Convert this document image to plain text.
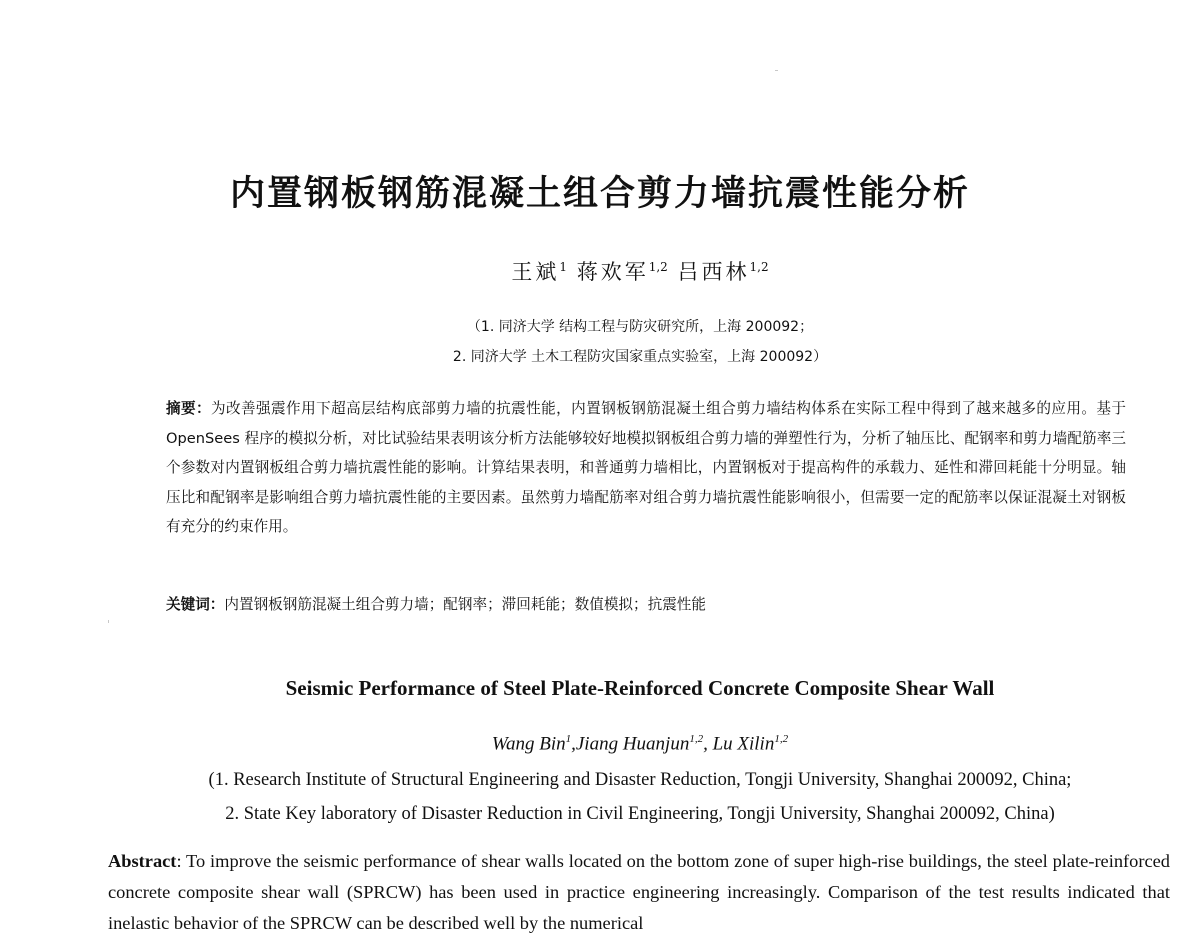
内置钢板钢筋混凝土组合剪力墙抗震性能分析
王斌$^1$ 蒋欢军$^{1,2}$ 吕西林$^{1,2}$
（1. 同济大学 结构工程与防灾研究所，上海 200092；
2. 同济大学 土木工程防灾国家重点实验室，上海 200092）
摘要：为改善强震作用下超高层结构底部剪力墙的抗震性能，内置钢板钢筋混凝土组合剪力墙结构体系在实际工程中得到了越来越多的应用。基于 OpenSees 程序的模拟分析，对比试验结果表明该分析方法能够较好地模拟钢板组合剪力墙的弹塑性行为，分析了轴压比、配钢率和剪力墙配筋率三个参数对内置钢板组合剪力墙抗震性能的影响。计算结果表明，和普通剪力墙相比，内置钢板对于提高构件的承载力、延性和滞回耗能十分明显。轴压比和配钢率是影响组合剪力墙抗震性能的主要因素。虽然剪力墙配筋率对组合剪力墙抗震性能影响很小，但需要一定的配筋率以保证混凝土对钢板有充分的约束作用。
关键词：内置钢板钢筋混凝土组合剪力墙；配钢率；滞回耗能；数值模拟；抗震性能
Seismic Performance of Steel Plate-Reinforced Concrete Composite Shear Wall
Wang Bin$^1$,Jiang Huanjun$^{1,2}$, Lu Xilin$^{1,2}$
(1. Research Institute of Structural Engineering and Disaster Reduction, Tongji University, Shanghai 200092, China;
2. State Key laboratory of Disaster Reduction in Civil Engineering, Tongji University, Shanghai 200092, China)
Abstract: To improve the seismic performance of shear walls located on the bottom zone of super high-rise buildings, the steel plate-reinforced concrete composite shear wall (SPRCW) has been used in practice engineering increasingly. Comparison of the test results indicated that inelastic behavior of the SPRCW can be described well by the numerical
